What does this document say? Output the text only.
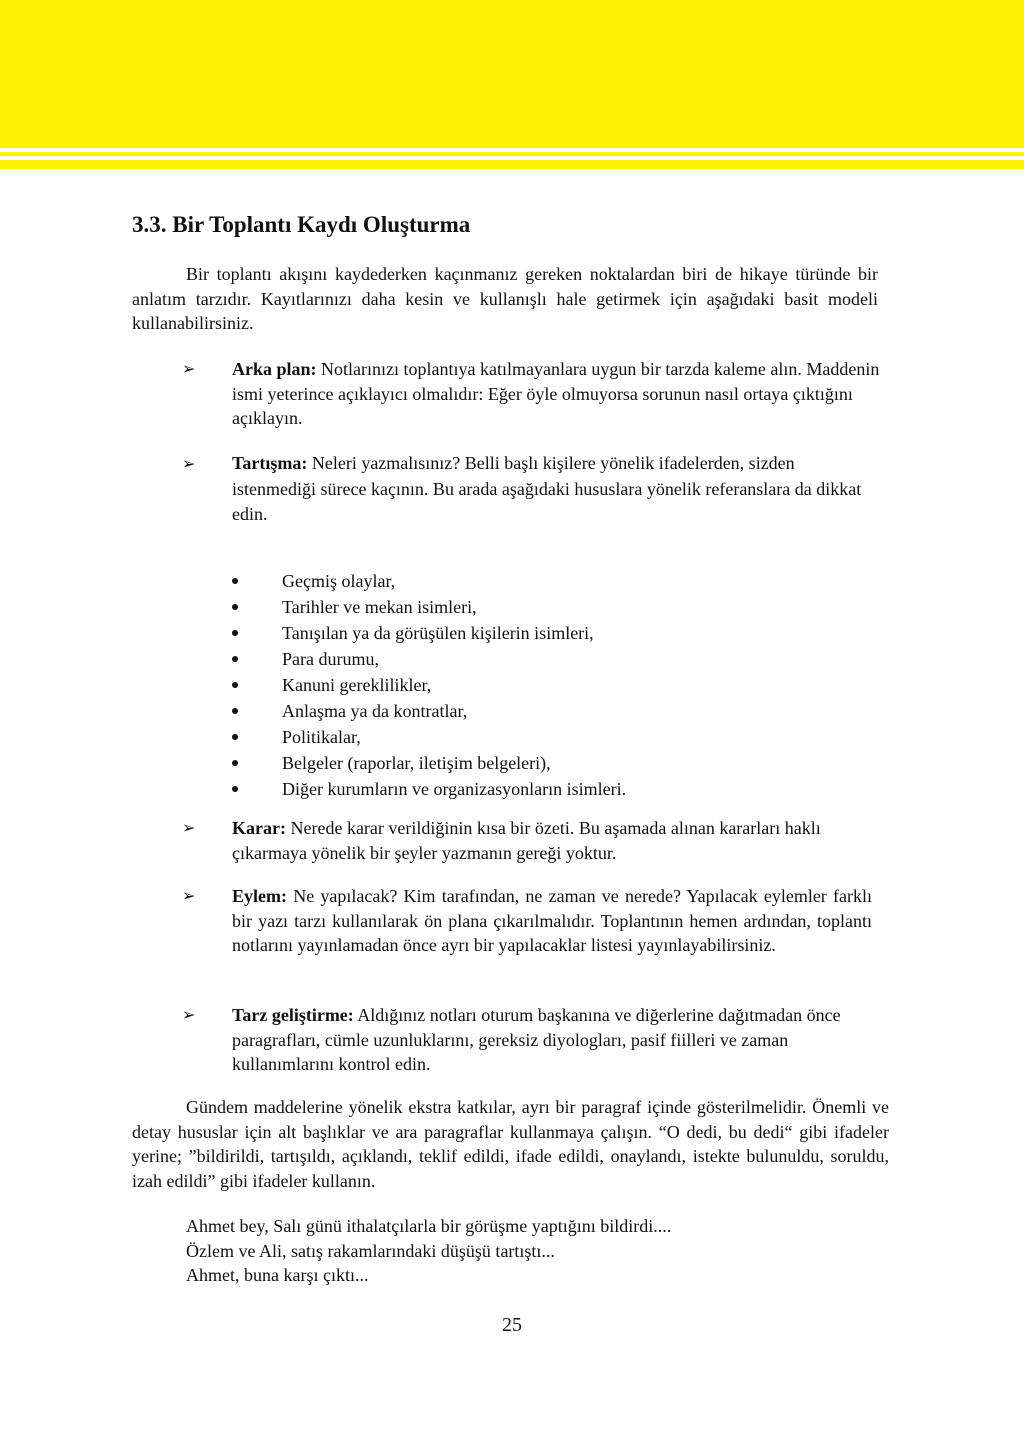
3.3. Bir Toplantı Kaydı Oluşturma

Bir toplantı akışını kaydederken kaçınmanız gereken noktalardan biri de hikaye türünde bir anlatım tarzıdır. Kayıtlarınızı daha kesin ve kullanışlı hale getirmek için aşağıdaki basit modeli kullanabilirsiniz.

➢ Arka plan: Notlarınızı toplantıya katılmayanlara uygun bir tarzda kaleme alın. Maddenin ismi yeterince açıklayıcı olmalıdır: Eğer öyle olmuyorsa sorunun nasıl ortaya çıktığını açıklayın.
➢ Tartışma: Neleri yazmalısınız? Belli başlı kişilere yönelik ifadelerden, sizden istenmediği sürece kaçının. Bu arada aşağıdaki hususlara yönelik referanslara da dikkat edin.
Geçmiş olaylar,
Tarihler ve mekan isimleri,
Tanışılan ya da görüşülen kişilerin isimleri,
Para durumu,
Kanuni gereklilikler,
Anlaşma ya da kontratlar,
Politikalar,
Belgeler (raporlar, iletişim belgeleri),
Diğer kurumların ve organizasyonların isimleri.
➢ Karar: Nerede karar verildiğinin kısa bir özeti. Bu aşamada alınan kararları haklı çıkarmaya yönelik bir şeyler yazmanın gereği yoktur.
➢ Eylem: Ne yapılacak? Kim tarafından, ne zaman ve nerede? Yapılacak eylemler farklı bir yazı tarzı kullanılarak ön plana çıkarılmalıdır. Toplantının hemen ardından, toplantı notlarını yayınlamadan önce ayrı bir yapılacaklar listesi yayınlayabilirsiniz.
➢ Tarz geliştirme: Aldığınız notları oturum başkanına ve diğerlerine dağıtmadan önce paragrafları, cümle uzunluklarını, gereksiz diyologları, pasif fiilleri ve zaman kullanımlarını kontrol edin.

Gündem maddelerine yönelik ekstra katkılar, ayrı bir paragraf içinde gösterilmelidir. Önemli ve detay hususlar için alt başlıklar ve ara paragraflar kullanmaya çalışın. “O dedi, bu dedi“ gibi ifadeler yerine; ”bildirildi, tartışıldı, açıklandı, teklif edildi, ifade edildi, onaylandı, istekte bulunuldu, soruldu, izah edildi” gibi ifadeler kullanın.

Ahmet bey, Salı günü ithalatçılarla bir görüşme yaptığını bildirdi....
Özlem ve Ali, satış rakamlarındaki düşüşü tartıştı...
Ahmet, buna karşı çıktı...
25
